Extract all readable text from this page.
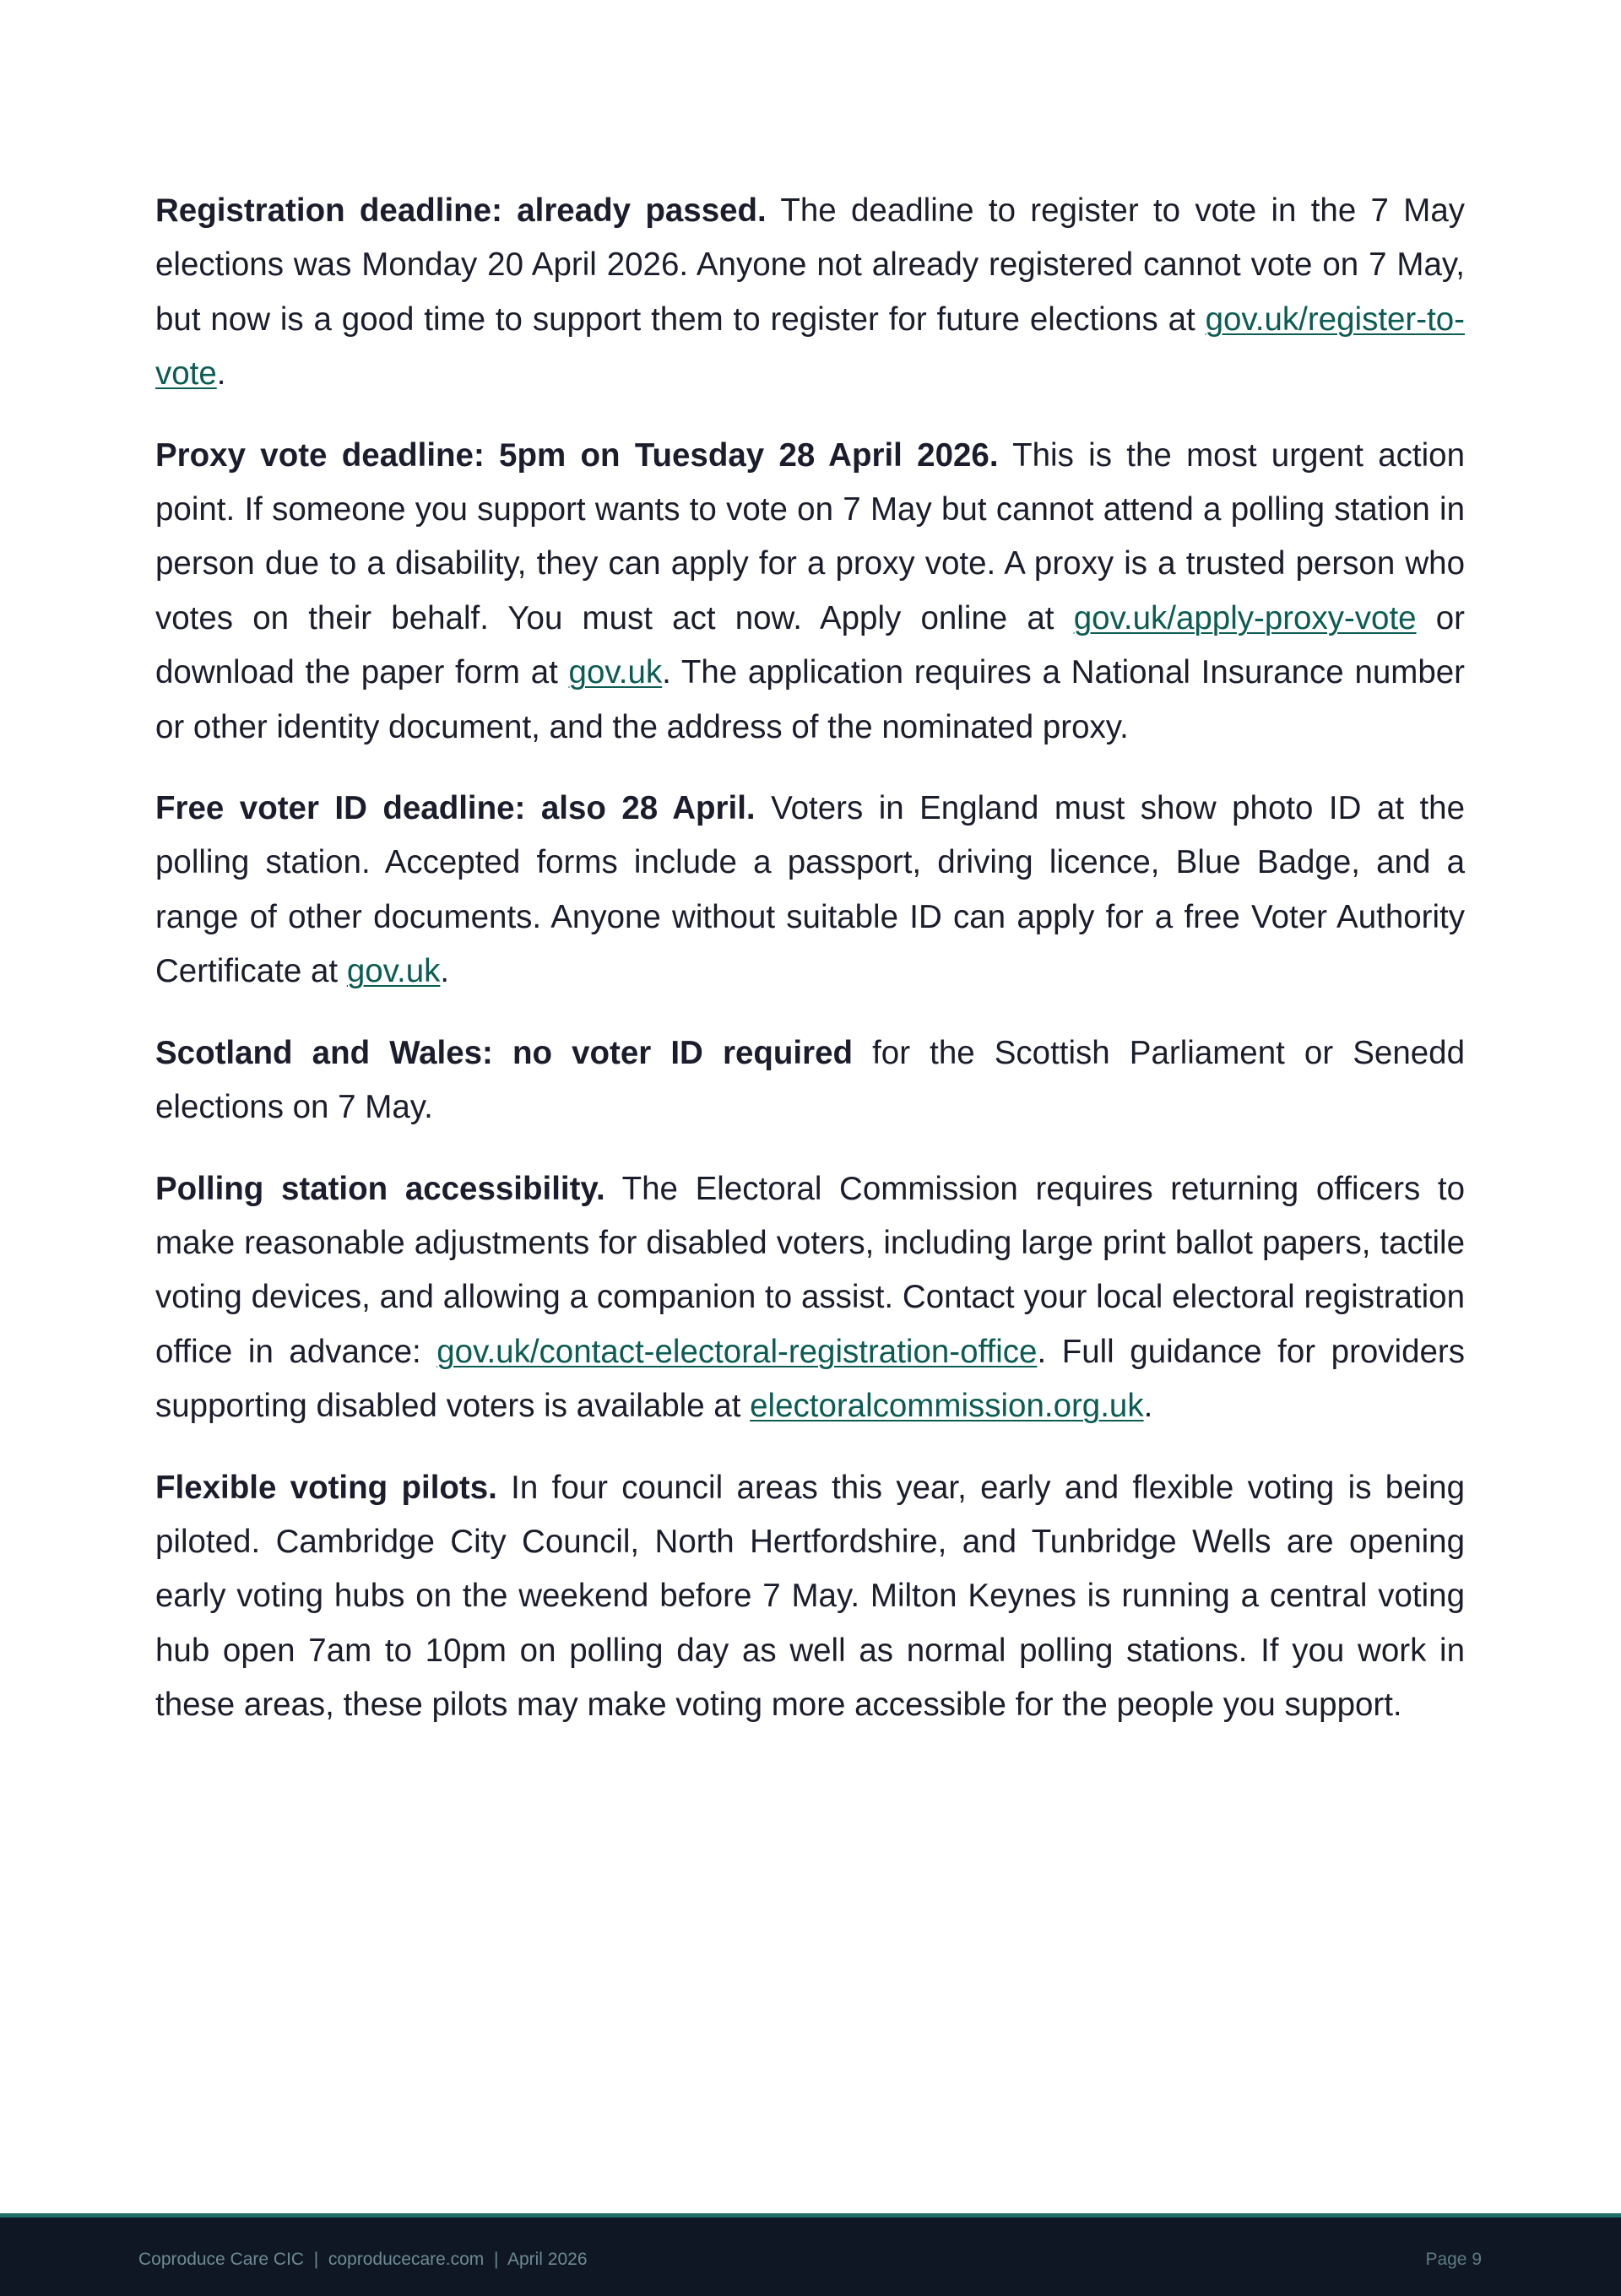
Registration deadline: already passed. The deadline to register to vote in the 7 May elections was Monday 20 April 2026. Anyone not already registered cannot vote on 7 May, but now is a good time to support them to register for future elections at gov.uk/register-to-vote.

Proxy vote deadline: 5pm on Tuesday 28 April 2026. This is the most urgent action point. If someone you support wants to vote on 7 May but cannot attend a polling station in person due to a disability, they can apply for a proxy vote. A proxy is a trusted person who votes on their behalf. You must act now. Apply online at gov.uk/apply-proxy-vote or download the paper form at gov.uk. The application requires a National Insurance number or other identity document, and the address of the nominated proxy.

Free voter ID deadline: also 28 April. Voters in England must show photo ID at the polling station. Accepted forms include a passport, driving licence, Blue Badge, and a range of other documents. Anyone without suitable ID can apply for a free Voter Authority Certificate at gov.uk.

Scotland and Wales: no voter ID required for the Scottish Parliament or Senedd elections on 7 May.

Polling station accessibility. The Electoral Commission requires returning officers to make reasonable adjustments for disabled voters, including large print ballot papers, tactile voting devices, and allowing a companion to assist. Contact your local electoral registration office in advance: gov.uk/contact-electoral-registration-office. Full guidance for providers supporting disabled voters is available at electoralcommission.org.uk.

Flexible voting pilots. In four council areas this year, early and flexible voting is being piloted. Cambridge City Council, North Hertfordshire, and Tunbridge Wells are opening early voting hubs on the weekend before 7 May. Milton Keynes is running a central voting hub open 7am to 10pm on polling day as well as normal polling stations. If you work in these areas, these pilots may make voting more accessible for the people you support.

Coproduce Care CIC  |  coproducecare.com  |  April 2026	Page 9
